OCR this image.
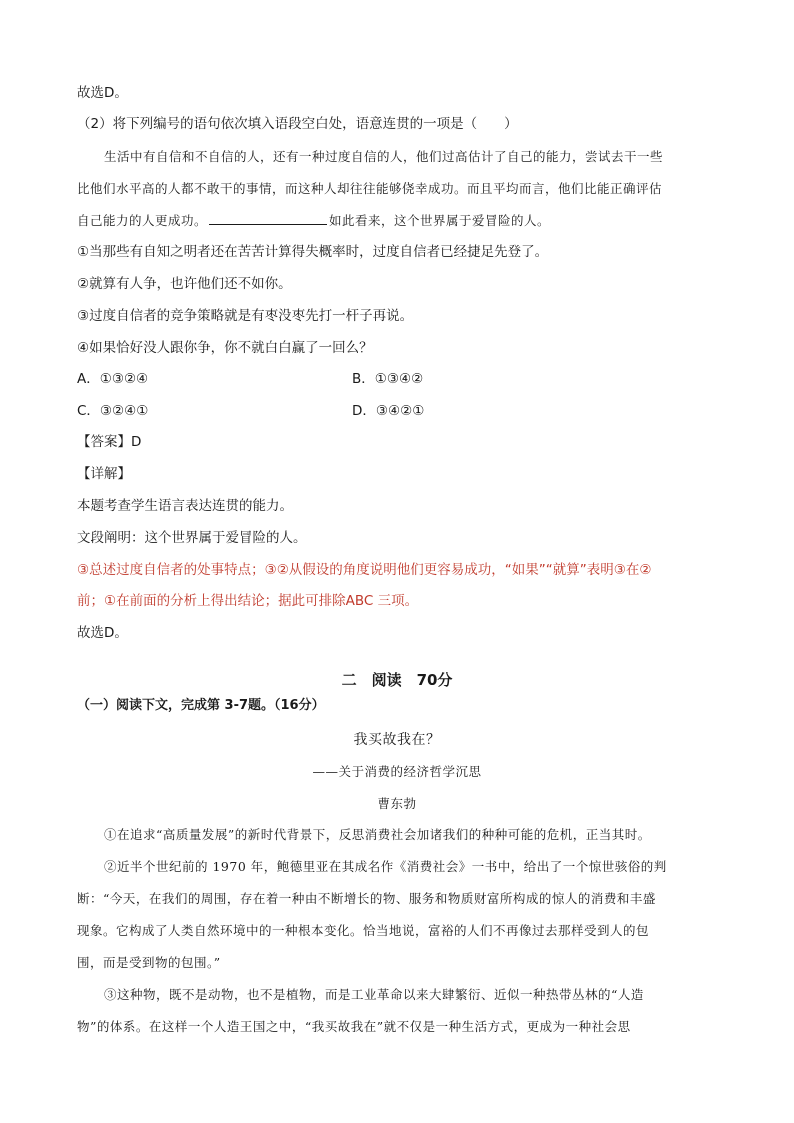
故选D。
（2）将下列编号的语句依次填入语段空白处，语意连贯的一项是（　　）
生活中有自信和不自信的人，还有一种过度自信的人，他们过高估计了自己的能力，尝试去干一些
比他们水平高的人都不敢干的事情，而这种人却往往能够侥幸成功。而且平均而言，他们比能正确评估
自己能力的人更成功。	如此看来，这个世界属于爱冒险的人。
①当那些有自知之明者还在苦苦计算得失概率时，过度自信者已经捷足先登了。
②就算有人争，也许他们还不如你。
③过度自信者的竞争策略就是有枣没枣先打一杆子再说。
④如果恰好没人跟你争，你不就白白赢了一回么？
A．①③②④	B．①③④②
C．③②④①	D．③④②①
【答案】D
【详解】
本题考查学生语言表达连贯的能力。
文段阐明：这个世界属于爱冒险的人。
③总述过度自信者的处事特点；③②从假设的角度说明他们更容易成功，“如果”“就算”表明③在②
前；①在前面的分析上得出结论；据此可排除ABC 三项。
故选D。
二　阅读　70分
（一）阅读下文，完成第 3-7题。（16分）
我买故我在？
——关于消费的经济哲学沉思
曹东勃
①在追求“高质量发展”的新时代背景下，反思消费社会加诸我们的种种可能的危机，正当其时。
②近半个世纪前的 1970 年，鲍德里亚在其成名作《消费社会》一书中，给出了一个惊世骇俗的判
断：“今天，在我们的周围，存在着一种由不断增长的物、服务和物质财富所构成的惊人的消费和丰盛
现象。它构成了人类自然环境中的一种根本变化。恰当地说，富裕的人们不再像过去那样受到人的包
围，而是受到物的包围。”
③这种物，既不是动物，也不是植物，而是工业革命以来大肆繁衍、近似一种热带丛林的“人造
物”的体系。在这样一个人造王国之中，“我买故我在”就不仅是一种生活方式，更成为一种社会思
